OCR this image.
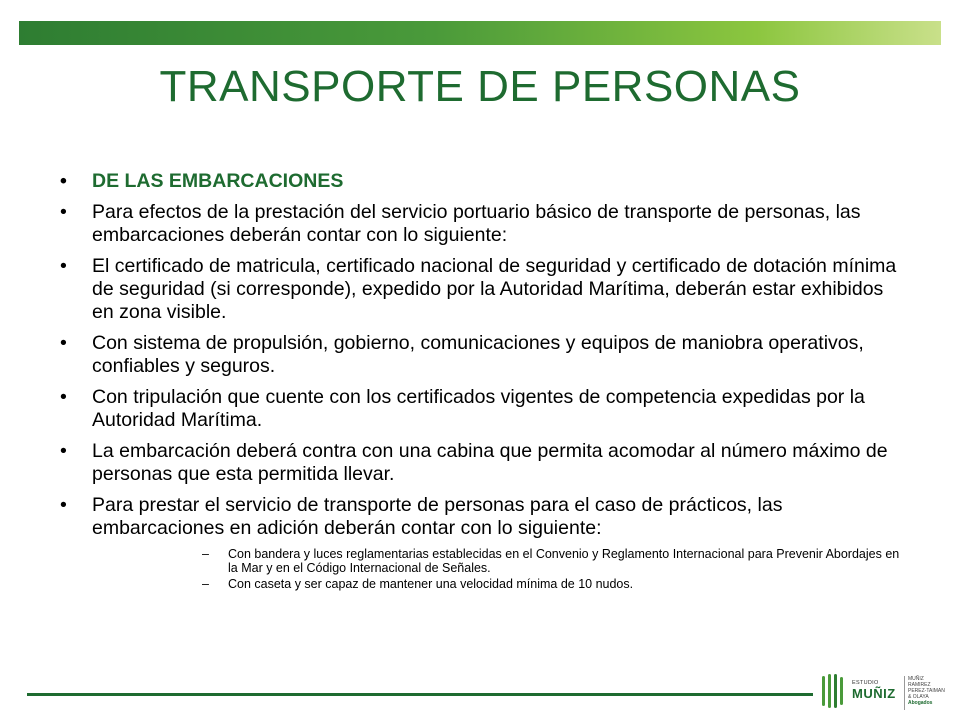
TRANSPORTE DE PERSONAS
• DE LAS EMBARCACIONES
• Para efectos de la prestación del servicio portuario básico de transporte de personas, las embarcaciones deberán contar con lo siguiente:
• El certificado de matricula, certificado nacional de seguridad y certificado de dotación mínima de seguridad (si corresponde), expedido por la Autoridad Marítima, deberán estar exhibidos en zona visible.
• Con sistema de propulsión, gobierno, comunicaciones y equipos de maniobra operativos, confiables y seguros.
• Con tripulación que cuente con los certificados vigentes de competencia expedidas por la Autoridad Marítima.
• La embarcación deberá contra con una cabina que permita acomodar al número máximo de personas que esta permitida llevar.
• Para prestar el servicio de transporte de personas para el caso de prácticos, las embarcaciones en adición deberán contar con lo siguiente:
– Con bandera y luces reglamentarias establecidas en el Convenio y Reglamento Internacional para Prevenir Abordajes en la Mar y en el Código Internacional de Señales.
– Con caseta y ser capaz de mantener una velocidad mínima de 10 nudos.
ESTUDIO
MUÑIZ
MUÑIZ
RAMIREZ
PEREZ-TAIMAN
& OLAYA
Abogados
